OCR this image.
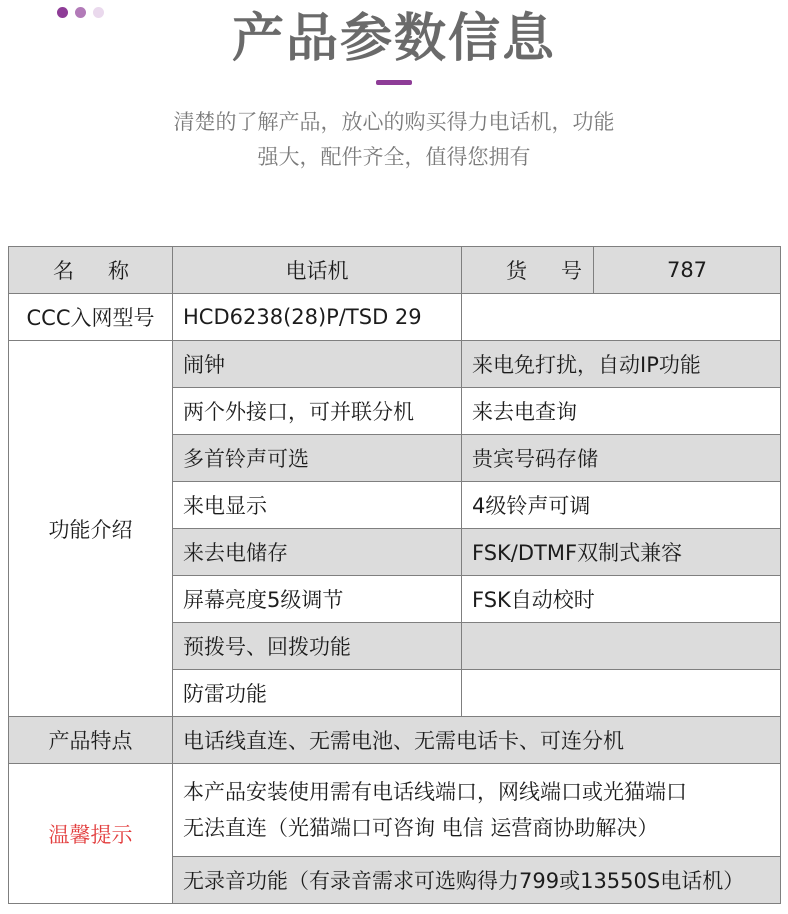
产品参数信息
清楚的了解产品，放心的购买得力电话机，功能
强大，配件齐全，值得您拥有
名称	电话机	货号	787
CCC入网型号	HCD6238(28)P/TSD 29		
功能介绍	闹钟	来电免打扰，自动IP功能	
	两个外接口，可并联分机	来去电查询	
	多首铃声可选	贵宾号码存储	
	来电显示	4级铃声可调	
	来去电储存	FSK/DTMF双制式兼容	
	屏幕亮度5级调节	FSK自动校时	
	预拨号、回拨功能		
	防雷功能		
产品特点	电话线直连、无需电池、无需电话卡、可连分机		
温馨提示	本产品安装使用需有电话线端口，网线端口或光猫端口
无法直连（光猫端口可咨询 电信 运营商协助解决）		

	无录音功能（有录音需求可选购得力799或13550S电话机）		
